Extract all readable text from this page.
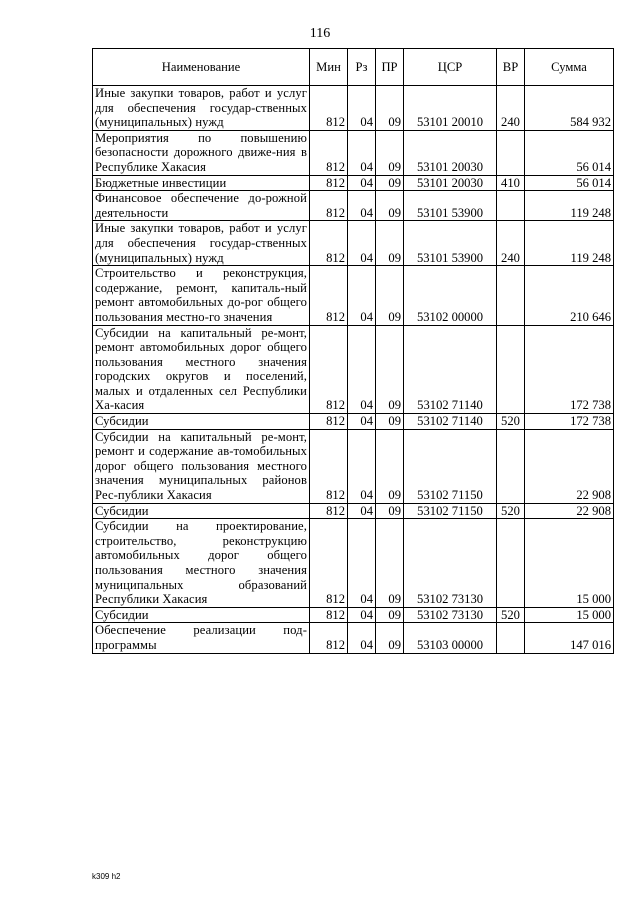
116
Наименование	Мин	Рз	ПР	ЦСР	ВР	Сумма
Иные закупки товаров, работ и услуг для обеспечения государ-ственных (муниципальных) нужд	812	04	09	53101 20010	240	584 932
Мероприятия по повышению безопасности дорожного движе-ния в Республике Хакасия	812	04	09	53101 20030		56 014
Бюджетные инвестиции	812	04	09	53101 20030	410	56 014
Финансовое обеспечение до-рожной деятельности	812	04	09	53101 53900		119 248
Иные закупки товаров, работ и услуг для обеспечения государ-ственных (муниципальных) нужд	812	04	09	53101 53900	240	119 248
Строительство и реконструкция, содержание, ремонт, капиталь-ный ремонт автомобильных до-рог общего пользования местно-го значения	812	04	09	53102 00000		210 646
Субсидии на капитальный ре-монт, ремонт автомобильных дорог общего пользования местного значения городских округов и поселений, малых и отдаленных сел Республики Ха-касия	812	04	09	53102 71140		172 738
Субсидии	812	04	09	53102 71140	520	172 738
Субсидии на капитальный ре-монт, ремонт и содержание ав-томобильных дорог общего пользования местного значения муниципальных районов Рес-публики Хакасия	812	04	09	53102 71150		22 908
Субсидии	812	04	09	53102 71150	520	22 908
Субсидии на проектирование, строительство, реконструкцию автомобильных дорог общего пользования местного значения муниципальных образований Республики Хакасия	812	04	09	53102 73130		15 000
Субсидии	812	04	09	53102 73130	520	15 000
Обеспечение реализации под-программы	812	04	09	53103 00000		147 016
k309 h2
